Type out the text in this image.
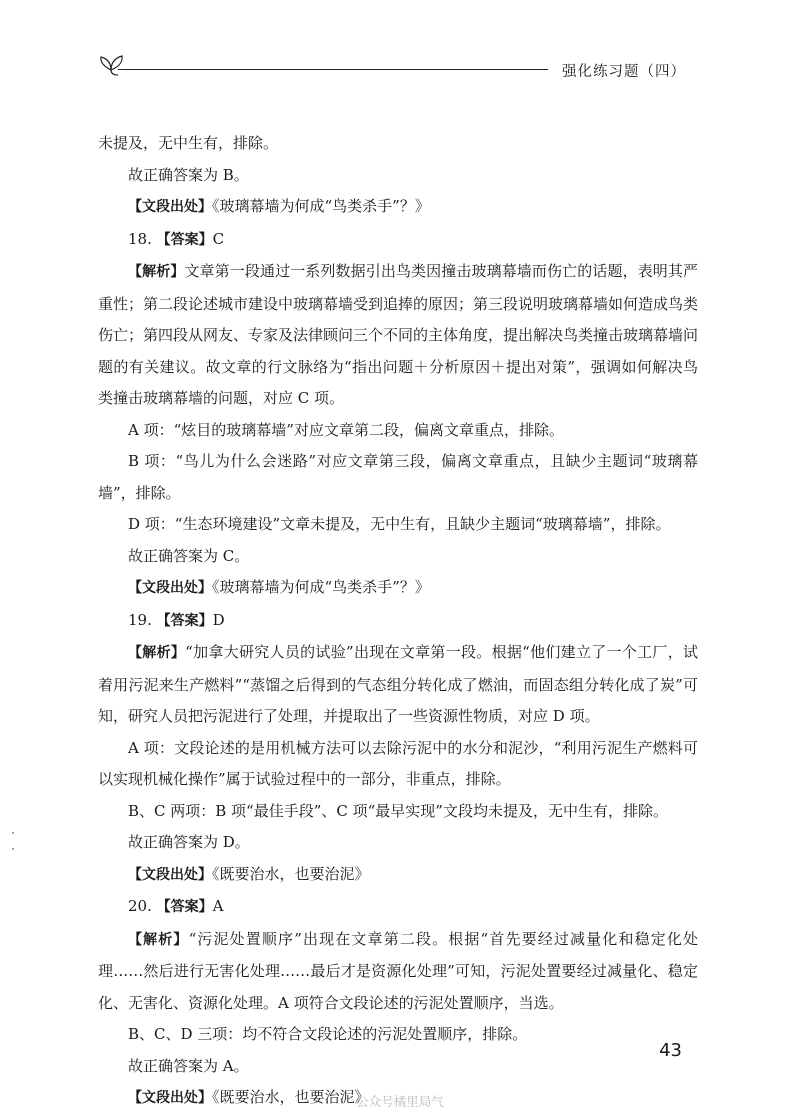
强化练习题（四）

未提及，无中生有，排除。

故正确答案为 B。

【文段出处】《玻璃幕墙为何成“鸟类杀手”？》

18. 【答案】C

【解析】文章第一段通过一系列数据引出鸟类因撞击玻璃幕墙而伤亡的话题，表明其严重性；第二段论述城市建设中玻璃幕墙受到追捧的原因；第三段说明玻璃幕墙如何造成鸟类伤亡；第四段从网友、专家及法律顾问三个不同的主体角度，提出解决鸟类撞击玻璃幕墙问题的有关建议。故文章的行文脉络为“指出问题＋分析原因＋提出对策”，强调如何解决鸟类撞击玻璃幕墙的问题，对应 C 项。

A 项：“炫目的玻璃幕墙”对应文章第二段，偏离文章重点，排除。

B 项：“鸟儿为什么会迷路”对应文章第三段，偏离文章重点，且缺少主题词“玻璃幕墙”，排除。

D 项：“生态环境建设”文章未提及，无中生有，且缺少主题词“玻璃幕墙”，排除。

故正确答案为 C。

【文段出处】《玻璃幕墙为何成“鸟类杀手”？》

19. 【答案】D

【解析】“加拿大研究人员的试验”出现在文章第一段。根据“他们建立了一个工厂，试着用污泥来生产燃料”“蒸馏之后得到的气态组分转化成了燃油，而固态组分转化成了炭”可知，研究人员把污泥进行了处理，并提取出了一些资源性物质，对应 D 项。

A 项：文段论述的是用机械方法可以去除污泥中的水分和泥沙，“利用污泥生产燃料可以实现机械化操作”属于试验过程中的一部分，非重点，排除。

B、C 两项：B 项“最佳手段”、C 项“最早实现”文段均未提及，无中生有，排除。

故正确答案为 D。

【文段出处】《既要治水，也要治泥》

20. 【答案】A

【解析】“污泥处置顺序”出现在文章第二段。根据“首先要经过减量化和稳定化处理……然后进行无害化处理……最后才是资源化处理”可知，污泥处置要经过减量化、稳定化、无害化、资源化处理。A 项符合文段论述的污泥处置顺序，当选。

B、C、D 三项：均不符合文段论述的污泥处置顺序，排除。

故正确答案为 A。

【文段出处】《既要治水，也要治泥》

43
公众号橘里局气
